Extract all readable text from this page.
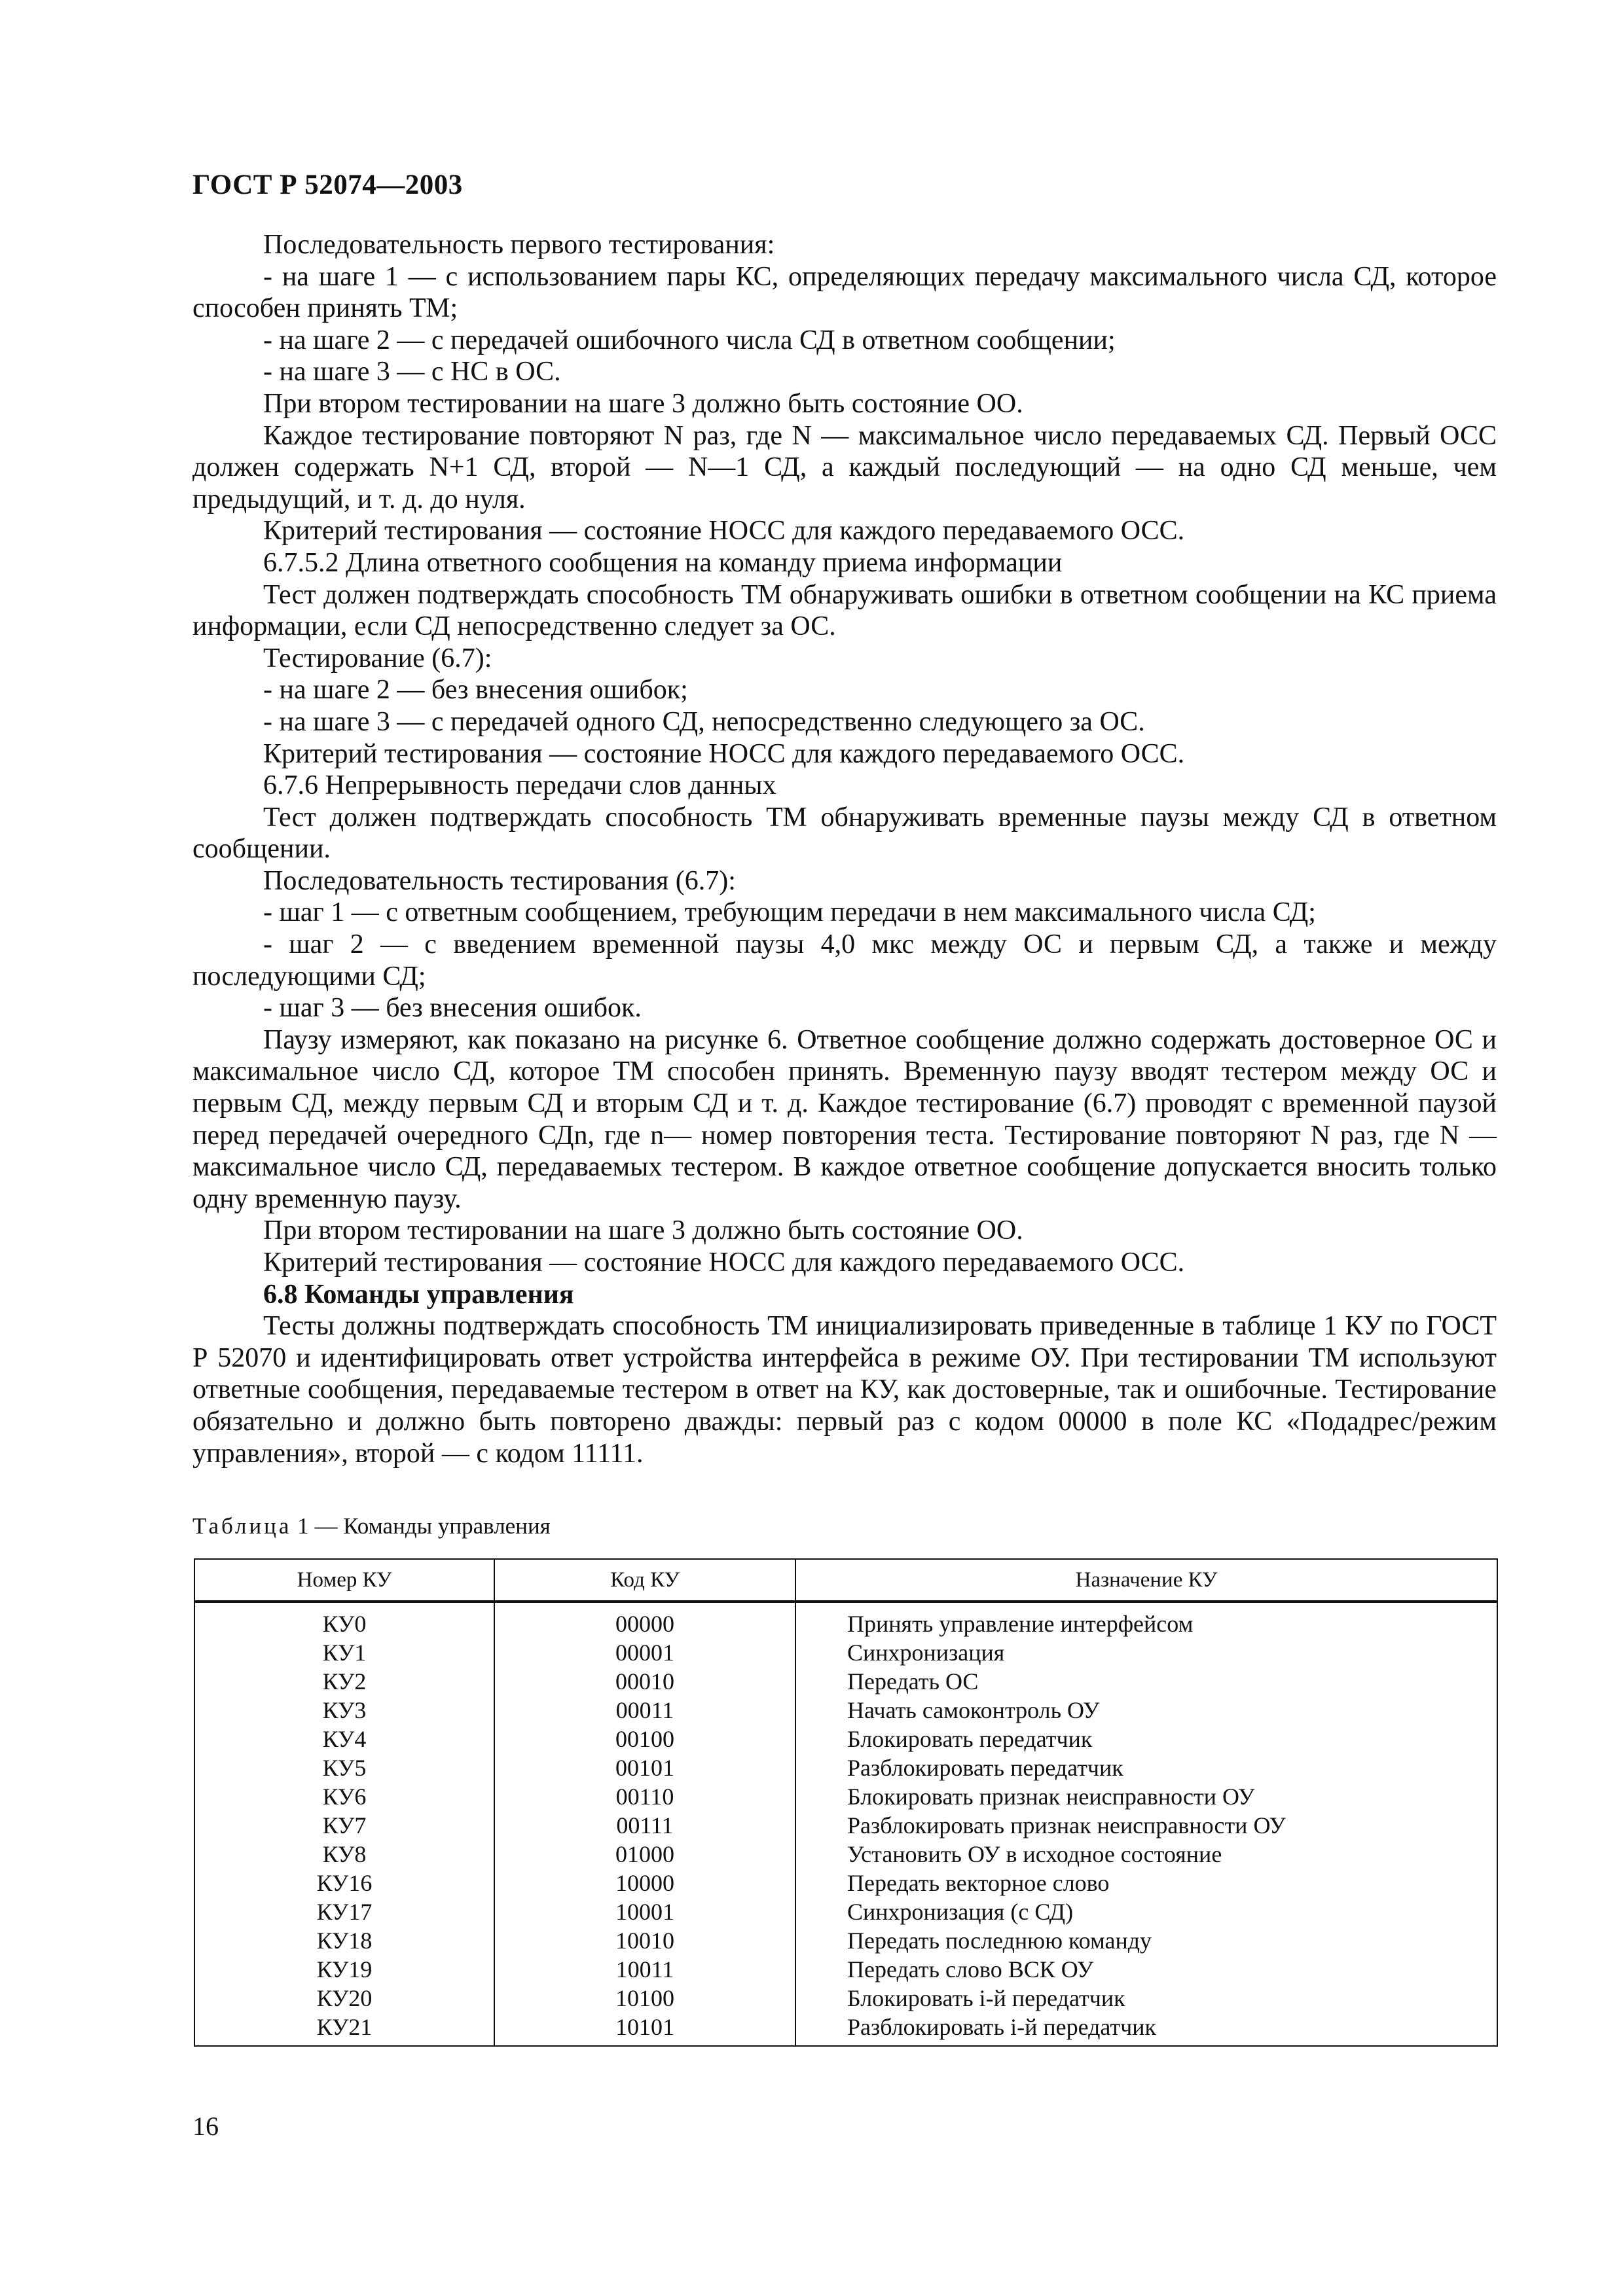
ГОСТ Р 52074—2003

Последовательность первого тестирования:

- на шаге 1 — с использованием пары КС, определяющих передачу максимального числа СД, которое способен принять ТМ;

- на шаге 2 — с передачей ошибочного числа СД в ответном сообщении;

- на шаге 3 — с НС в ОС.

При втором тестировании на шаге 3 должно быть состояние ОО.

Каждое тестирование повторяют N раз, где N — максимальное число передаваемых СД. Первый ОСС должен содержать N+1 СД, второй — N—1 СД, а каждый последующий — на одно СД меньше, чем предыдущий, и т. д. до нуля.

Критерий тестирования — состояние НОСС для каждого передаваемого ОСС.

6.7.5.2 Длина ответного сообщения на команду приема информации

Тест должен подтверждать способность ТМ обнаруживать ошибки в ответном сообщении на КС приема информации, если СД непосредственно следует за ОС.

Тестирование (6.7):

- на шаге 2 — без внесения ошибок;

- на шаге 3 — с передачей одного СД, непосредственно следующего за ОС.

Критерий тестирования — состояние НОСС для каждого передаваемого ОСС.

6.7.6 Непрерывность передачи слов данных

Тест должен подтверждать способность ТМ обнаруживать временные паузы между СД в ответном сообщении.

Последовательность тестирования (6.7):

- шаг 1 — с ответным сообщением, требующим передачи в нем максимального числа СД;

- шаг 2 — с введением временной паузы 4,0 мкс между ОС и первым СД, а также и между последующими СД;

- шаг 3 — без внесения ошибок.

Паузу измеряют, как показано на рисунке 6. Ответное сообщение должно содержать достоверное ОС и максимальное число СД, которое ТМ способен принять. Временную паузу вводят тестером между ОС и первым СД, между первым СД и вторым СД и т. д. Каждое тестирование (6.7) проводят с временной паузой перед передачей очередного СДn, где n— номер повторения теста. Тестирование повторяют N раз, где N — максимальное число СД, передаваемых тестером. В каждое ответное сообщение допускается вносить только одну временную паузу.

При втором тестировании на шаге 3 должно быть состояние ОО.

Критерий тестирования — состояние НОСС для каждого передаваемого ОСС.

6.8 Команды управления

Тесты должны подтверждать способность ТМ инициализировать приведенные в таблице 1 КУ по ГОСТ Р 52070 и идентифицировать ответ устройства интерфейса в режиме ОУ. При тестировании ТМ используют ответные сообщения, передаваемые тестером в ответ на КУ, как достоверные, так и ошибочные. Тестирование обязательно и должно быть повторено дважды: первый раз с кодом 00000 в поле КС «Подадрес/режим управления», второй — с кодом 11111.

Таблица 1 — Команды управления
Номер КУ	Код КУ	Назначение КУ
КУ0	00000	Принять управление интерфейсом
КУ1	00001	Синхронизация
КУ2	00010	Передать ОС
КУ3	00011	Начать самоконтроль ОУ
КУ4	00100	Блокировать передатчик
КУ5	00101	Разблокировать передатчик
КУ6	00110	Блокировать признак неисправности ОУ
КУ7	00111	Разблокировать признак неисправности ОУ
КУ8	01000	Установить ОУ в исходное состояние
КУ16	10000	Передать векторное слово
КУ17	10001	Синхронизация (с СД)
КУ18	10010	Передать последнюю команду
КУ19	10011	Передать слово ВСК ОУ
КУ20	10100	Блокировать i-й передатчик
КУ21	10101	Разблокировать i-й передатчик
16
